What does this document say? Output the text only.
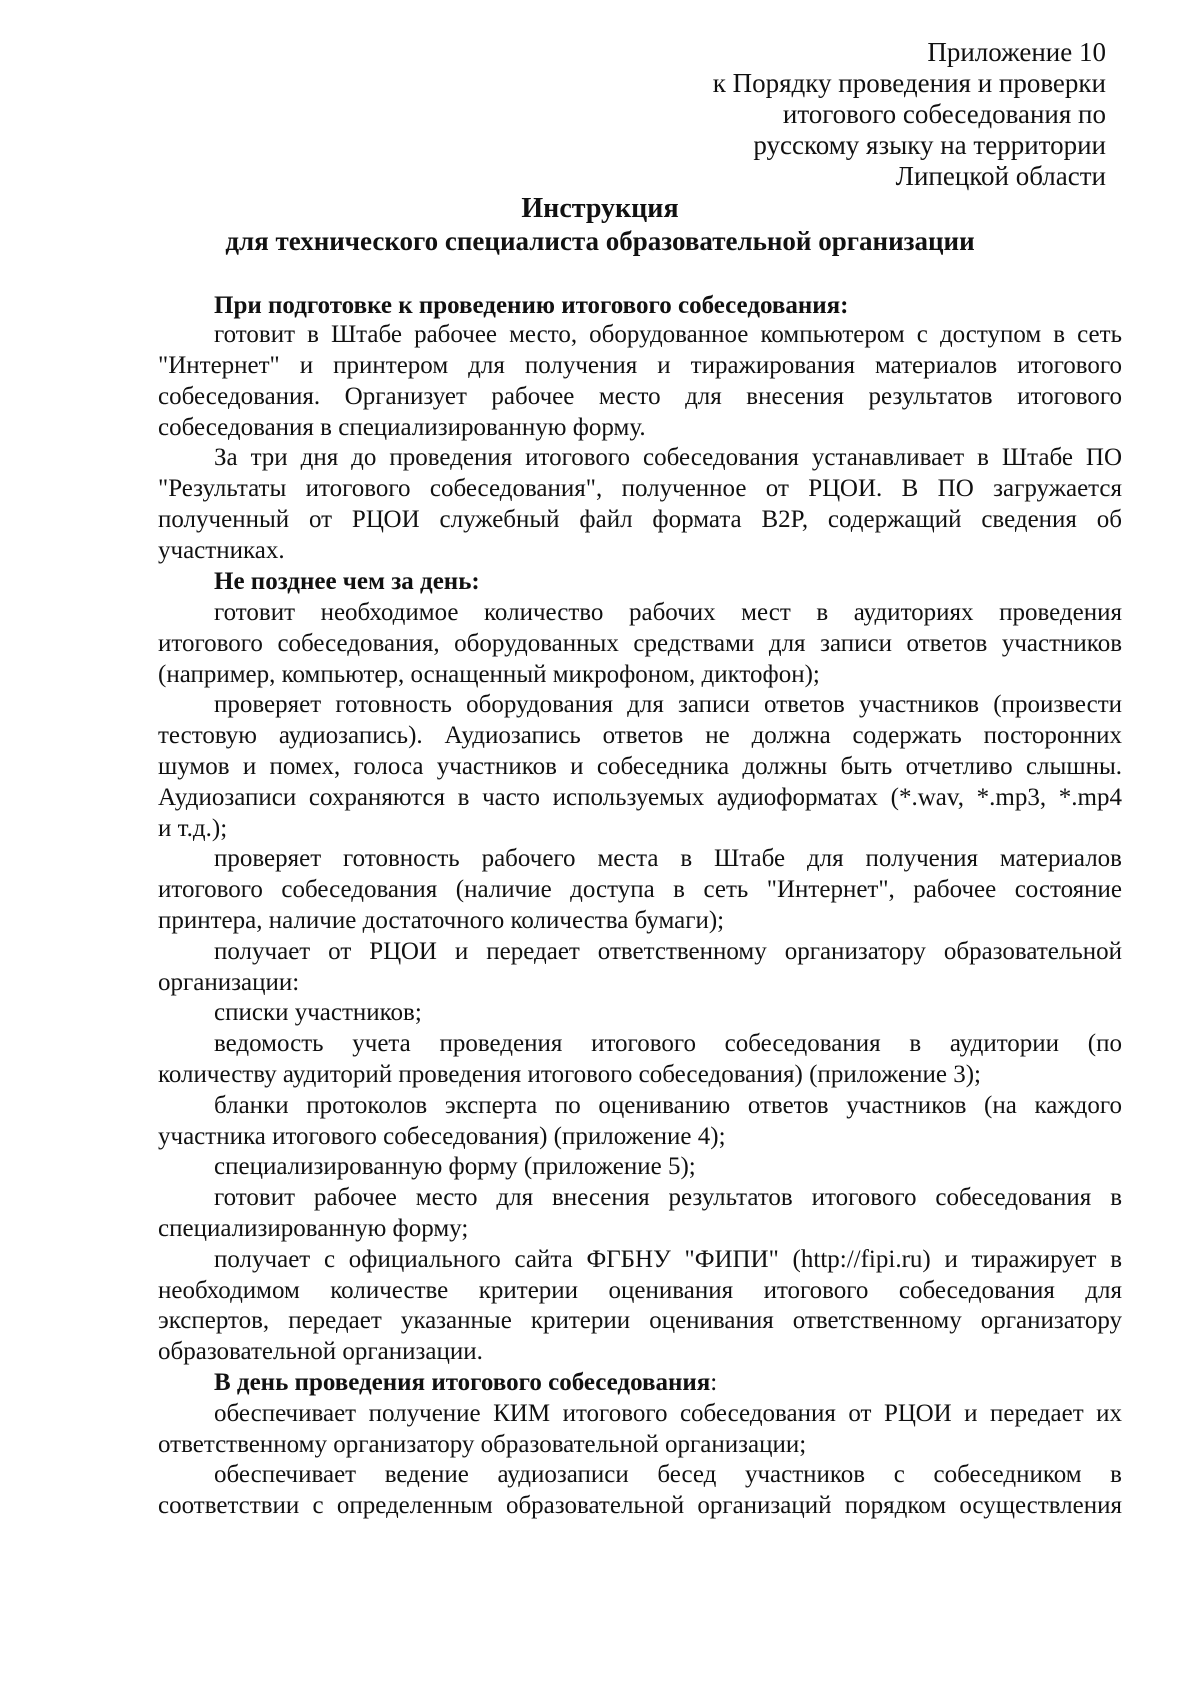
Приложение 10
к Порядку проведения и проверки
итогового собеседования по
русскому языку на территории
Липецкой области
Инструкция
для технического специалиста образовательной организации
При подготовке к проведению итогового собеседования:
готовит в Штабе рабочее место, оборудованное компьютером с доступом в сеть
"Интернет" и принтером для получения и тиражирования материалов итогового
собеседования. Организует рабочее место для внесения результатов итогового
собеседования в специализированную форму.
За три дня до проведения итогового собеседования устанавливает в Штабе ПО
"Результаты итогового собеседования", полученное от РЦОИ. В ПО загружается
полученный от РЦОИ служебный файл формата B2P, содержащий сведения об
участниках.
Не позднее чем за день:
готовит необходимое количество рабочих мест в аудиториях проведения
итогового собеседования, оборудованных средствами для записи ответов участников
(например, компьютер, оснащенный микрофоном, диктофон);
проверяет готовность оборудования для записи ответов участников (произвести
тестовую аудиозапись). Аудиозапись ответов не должна содержать посторонних
шумов и помех, голоса участников и собеседника должны быть отчетливо слышны.
Аудиозаписи сохраняются в часто используемых аудиоформатах (*.wav, *.mp3, *.mp4
и т.д.);
проверяет готовность рабочего места в Штабе для получения материалов
итогового собеседования (наличие доступа в сеть "Интернет", рабочее состояние
принтера, наличие достаточного количества бумаги);
получает от РЦОИ и передает ответственному организатору образовательной
организации:
списки участников;
ведомость учета проведения итогового собеседования в аудитории (по
количеству аудиторий проведения итогового собеседования) (приложение 3);
бланки протоколов эксперта по оцениванию ответов участников (на каждого
участника итогового собеседования) (приложение 4);
специализированную форму (приложение 5);
готовит рабочее место для внесения результатов итогового собеседования в
специализированную форму;
получает с официального сайта ФГБНУ "ФИПИ" (http://fipi.ru) и тиражирует в
необходимом количестве критерии оценивания итогового собеседования для
экспертов, передает указанные критерии оценивания ответственному организатору
образовательной организации.
В день проведения итогового собеседования:
обеспечивает получение КИМ итогового собеседования от РЦОИ и передает их
ответственному организатору образовательной организации;
обеспечивает ведение аудиозаписи бесед участников с собеседником в
соответствии с определенным образовательной организаций порядком осуществления
